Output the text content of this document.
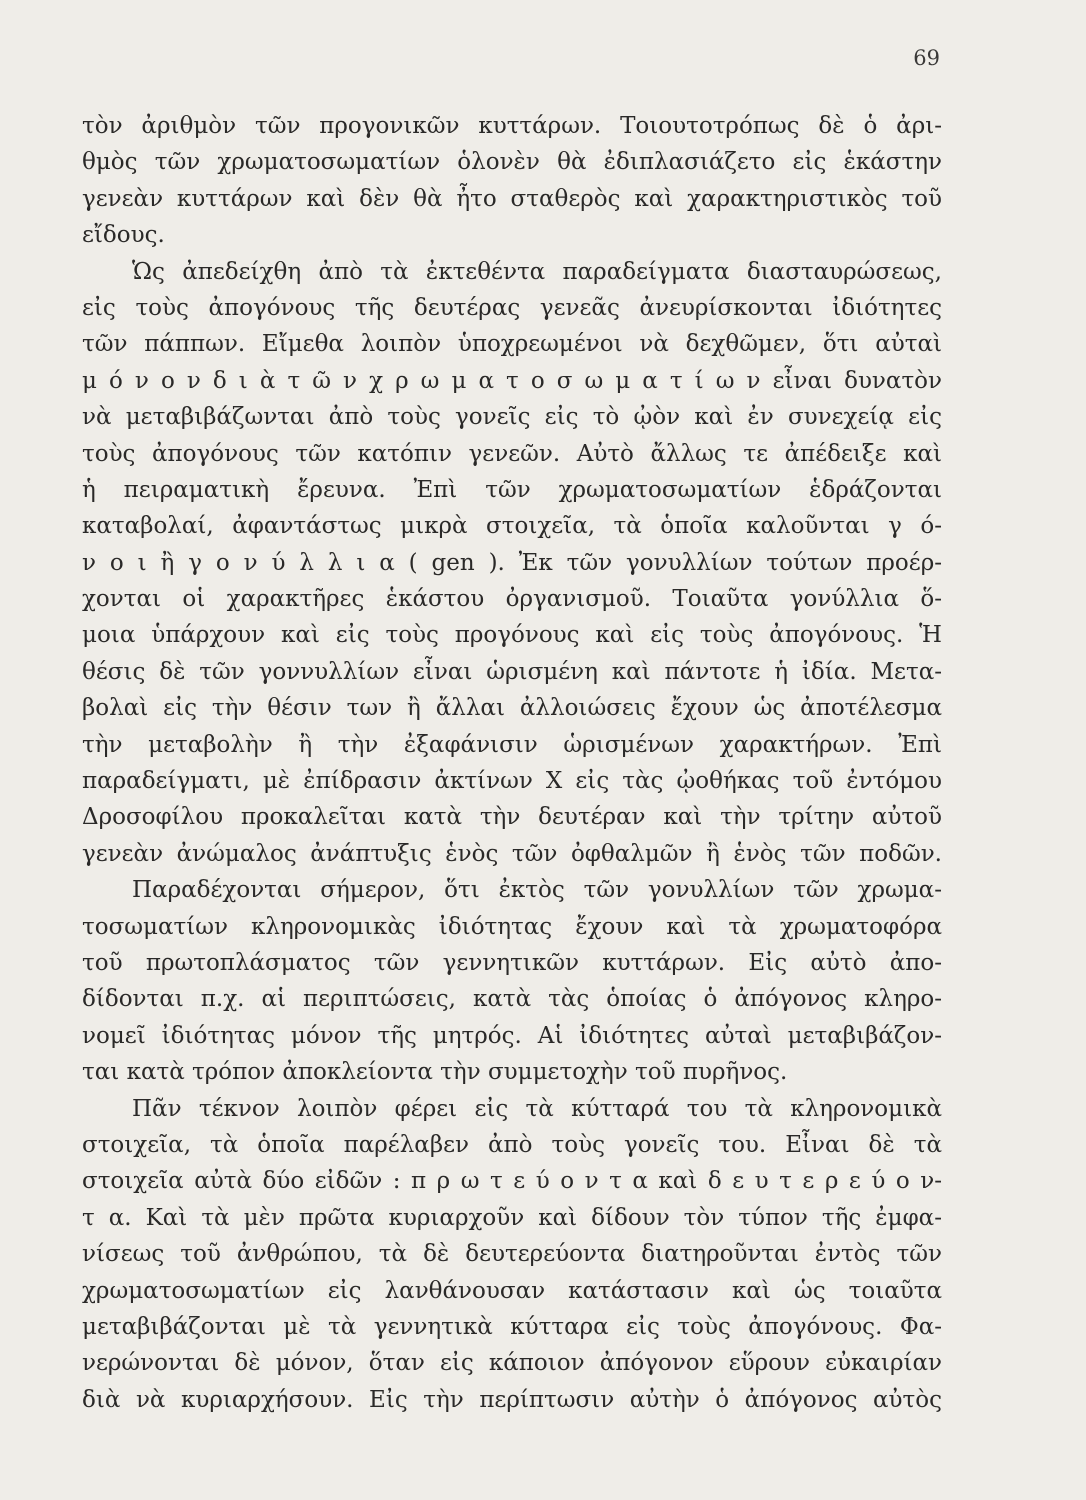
69
τὸν ἀριθμὸν τῶν προγονικῶν κυττάρων. Τοιουτοτρόπως δὲ ὁ ἀρι-
θμὸς τῶν χρωματοσωματίων ὁλονὲν θὰ ἐδιπλασιάζετο εἰς ἑκάστην
γενεὰν κυττάρων καὶ δὲν θὰ ἦτο σταθερὸς καὶ χαρακτηριστικὸς τοῦ
εἴδους.
Ὡς ἀπεδείχθη ἀπὸ τὰ ἐκτεθέντα παραδείγματα διασταυρώσεως,
εἰς τοὺς ἀπογόνους τῆς δευτέρας γενεᾶς ἀνευρίσκονται ἰδιότητες
τῶν πάππων. Εἴμεθα λοιπὸν ὑποχρεωμένοι νὰ δεχθῶμεν, ὅτι αὐταὶ
μ ό ν ο ν δ ι ὰ τ ῶ ν χ ρ ω μ α τ ο σ ω μ α τ ί ω ν εἶναι δυνατὸν
νὰ μεταβιβάζωνται ἀπὸ τοὺς γονεῖς εἰς τὸ ᾠὸν καὶ ἐν συνεχείᾳ εἰς
τοὺς ἀπογόνους τῶν κατόπιν γενεῶν. Αὐτὸ ἄλλως τε ἀπέδειξε καὶ
ἡ πειραματικὴ ἔρευνα. Ἐπὶ τῶν χρωματοσωματίων ἑδράζονται
καταβολαί, ἀφαντάστως μικρὰ στοιχεῖα, τὰ ὁποῖα καλοῦνται γ ό-
ν ο ι ἢ γ ο ν ύ λ λ ι α ( gen ). Ἐκ τῶν γονυλλίων τούτων προέρ-
χονται οἱ χαρακτῆρες ἑκάστου ὀργανισμοῦ. Τοιαῦτα γονύλλια ὅ-
μοια ὑπάρχουν καὶ εἰς τοὺς προγόνους καὶ εἰς τοὺς ἀπογόνους. Ἡ
θέσις δὲ τῶν γοννυλλίων εἶναι ὡρισμένη καὶ πάντοτε ἡ ἰδία. Μετα-
βολαὶ εἰς τὴν θέσιν των ἢ ἄλλαι ἀλλοιώσεις ἔχουν ὡς ἀποτέλεσμα
τὴν μεταβολὴν ἢ τὴν ἐξαφάνισιν ὡρισμένων χαρακτήρων. Ἐπὶ
παραδείγματι, μὲ ἐπίδρασιν ἀκτίνων Χ εἰς τὰς ᾠοθήκας τοῦ ἐντόμου
Δροσοφίλου προκαλεῖται κατὰ τὴν δευτέραν καὶ τὴν τρίτην αὐτοῦ
γενεὰν ἀνώμαλος ἀνάπτυξις ἑνὸς τῶν ὀφθαλμῶν ἢ ἑνὸς τῶν ποδῶν.
Παραδέχονται σήμερον, ὅτι ἐκτὸς τῶν γονυλλίων τῶν χρωμα-
τοσωματίων κληρονομικὰς ἰδιότητας ἔχουν καὶ τὰ χρωματοφόρα
τοῦ πρωτοπλάσματος τῶν γεννητικῶν κυττάρων. Εἰς αὐτὸ ἀπο-
δίδονται π.χ. αἱ περιπτώσεις, κατὰ τὰς ὁποίας ὁ ἀπόγονος κληρο-
νομεῖ ἰδιότητας μόνον τῆς μητρός. Αἱ ἰδιότητες αὐταὶ μεταβιβάζον-
ται κατὰ τρόπον ἀποκλείοντα τὴν συμμετοχὴν τοῦ πυρῆνος.
Πᾶν τέκνον λοιπὸν φέρει εἰς τὰ κύτταρά του τὰ κληρονομικὰ
στοιχεῖα, τὰ ὁποῖα παρέλαβεν ἀπὸ τοὺς γονεῖς του. Εἶναι δὲ τὰ
στοιχεῖα αὐτὰ δύο εἰδῶν : π ρ ω τ ε ύ ο ν τ α καὶ δ ε υ τ ε ρ ε ύ ο ν-
τ α. Καὶ τὰ μὲν πρῶτα κυριαρχοῦν καὶ δίδουν τὸν τύπον τῆς ἐμφα-
νίσεως τοῦ ἀνθρώπου, τὰ δὲ δευτερεύοντα διατηροῦνται ἐντὸς τῶν
χρωματοσωματίων εἰς λανθάνουσαν κατάστασιν καὶ ὡς τοιαῦτα
μεταβιβάζονται μὲ τὰ γεννητικὰ κύτταρα εἰς τοὺς ἀπογόνους. Φα-
νερώνονται δὲ μόνον, ὅταν εἰς κάποιον ἀπόγονον εὕρουν εὐκαιρίαν
διὰ νὰ κυριαρχήσουν. Εἰς τὴν περίπτωσιν αὐτὴν ὁ ἀπόγονος αὐτὸς
